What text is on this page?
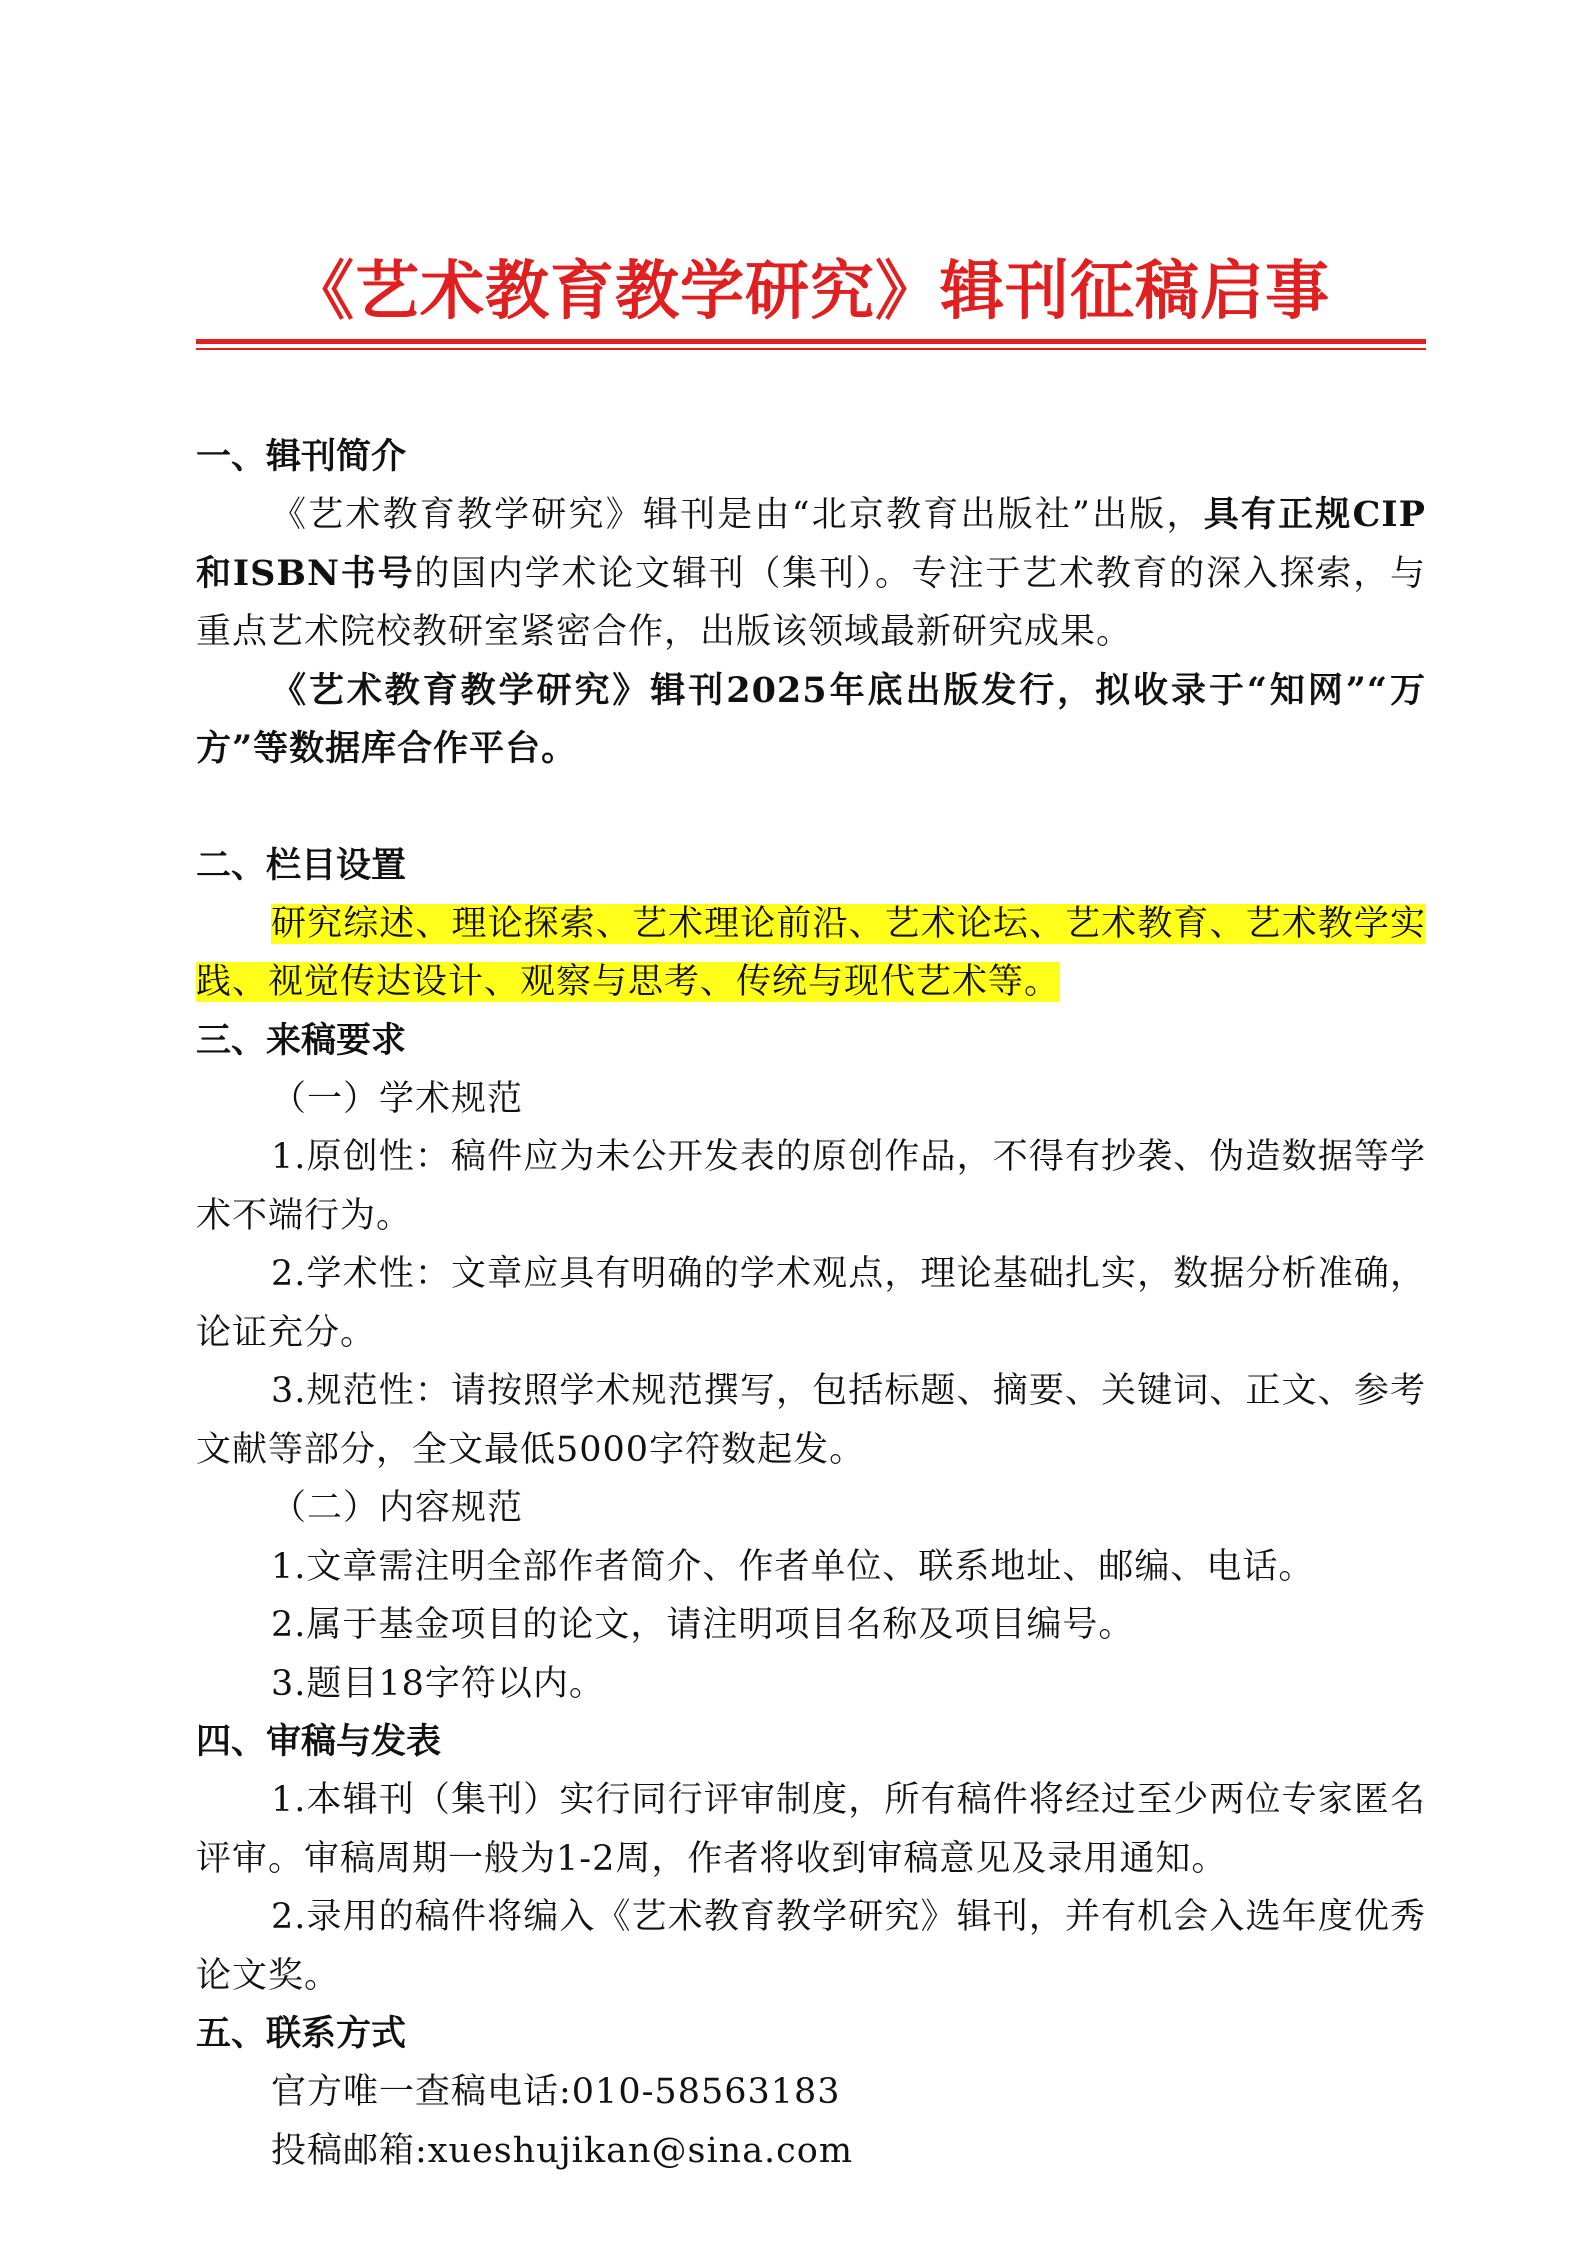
《艺术教育教学研究》辑刊征稿启事
一、辑刊简介

《艺术教育教学研究》辑刊是由“北京教育出版社”出版，具有正规CIP和ISBN书号的国内学术论文辑刊（集刊）。专注于艺术教育的深入探索，与重点艺术院校教研室紧密合作，出版该领域最新研究成果。

《艺术教育教学研究》辑刊2025年底出版发行，拟收录于“知网”“万方”等数据库合作平台。

二、栏目设置

研究综述、理论探索、艺术理论前沿、艺术论坛、艺术教育、艺术教学实践、视觉传达设计、观察与思考、传统与现代艺术等。

三、来稿要求

（一）学术规范

1.原创性：稿件应为未公开发表的原创作品，不得有抄袭、伪造数据等学术不端行为。

2.学术性：文章应具有明确的学术观点，理论基础扎实，数据分析准确，论证充分。

3.规范性：请按照学术规范撰写，包括标题、摘要、关键词、正文、参考文献等部分，全文最低5000字符数起发。

（二）内容规范

1.文章需注明全部作者简介、作者单位、联系地址、邮编、电话。

2.属于基金项目的论文，请注明项目名称及项目编号。

3.题目18字符以内。

四、审稿与发表

1.本辑刊（集刊）实行同行评审制度，所有稿件将经过至少两位专家匿名评审。审稿周期一般为1-2周，作者将收到审稿意见及录用通知。

2.录用的稿件将编入《艺术教育教学研究》辑刊，并有机会入选年度优秀论文奖。

五、联系方式

官方唯一查稿电话:010-58563183

投稿邮箱:xueshujikan@sina.com
